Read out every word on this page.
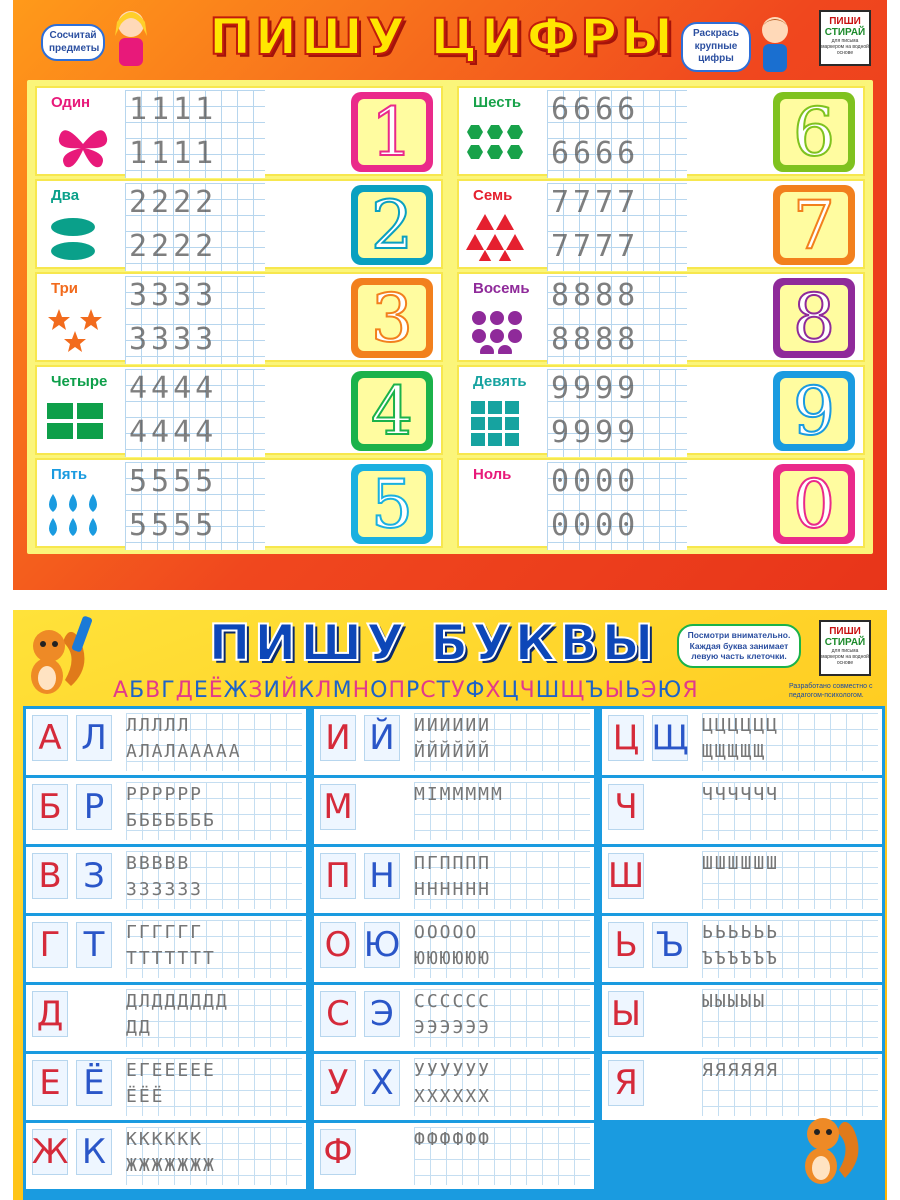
Сосчитай предметы	ПИШУ ЦИФРЫ	Раскрась крупные цифры
ПИШИ
СТИРАЙ
для письма маркером на водной основе
Один 1111
1111 1
Два 2222
2222 2
Три 3333
3333 3
Четыре 4444
4444 4
Пять 5555
5555 5
Шесть 6666
6666 6
Семь 7777
7777 7
Восемь 8888
8888 8
Девять 9999
9999 9
Ноль 0000
0000 0
ПИШУ БУКВЫ	Посмотри внимательно. Каждая буква занимает левую часть клеточки.
ПИШИ
СТИРАЙ
для письма маркером на водной основе
АБВГДЕЁЖЗИЙКЛМНОПРСТУФХЦЧШЩЪЫЬЭЮЯ	Разработано совместно с педагогом-психологом.
А Л ЛЛЛЛЛ
АЛАЛААААА
Б Р РРРРРР
БББББББ
В З ВВВВВ
ЗЗЗЗЗЗ
Г Т ГГГГГГ
ТТТТТТТ
Д	ДЛДДДДДД
ДД
Е Ё ЕГЕЕЕЕЕ
ЁЁЁ
Ж К КККККК
ЖЖЖЖЖЖЖ
И Й ИИИИИИ
ЙЙЙЙЙЙ
М	МІМММММ
П Н ПГПППП
НННННН
О Ю ООООО
ЮЮЮЮЮЮ
С Э СССССС
ЭЭЭЭЭЭ
У Х УУУУУУ
ХХХХХХ
Ф	ФФФФФФ
Ц Щ ЦЦЦЦЦЦ
ЩЩЩЩЩ
Ч	ЧЧЧЧЧЧ
Ш	ШШШШШШ
Ь Ъ ЬЬЬЬЬЬ
ЪЪЪЪЪЪ
Ы	ЫЫЫЫЫ
Я	ЯЯЯЯЯЯ
